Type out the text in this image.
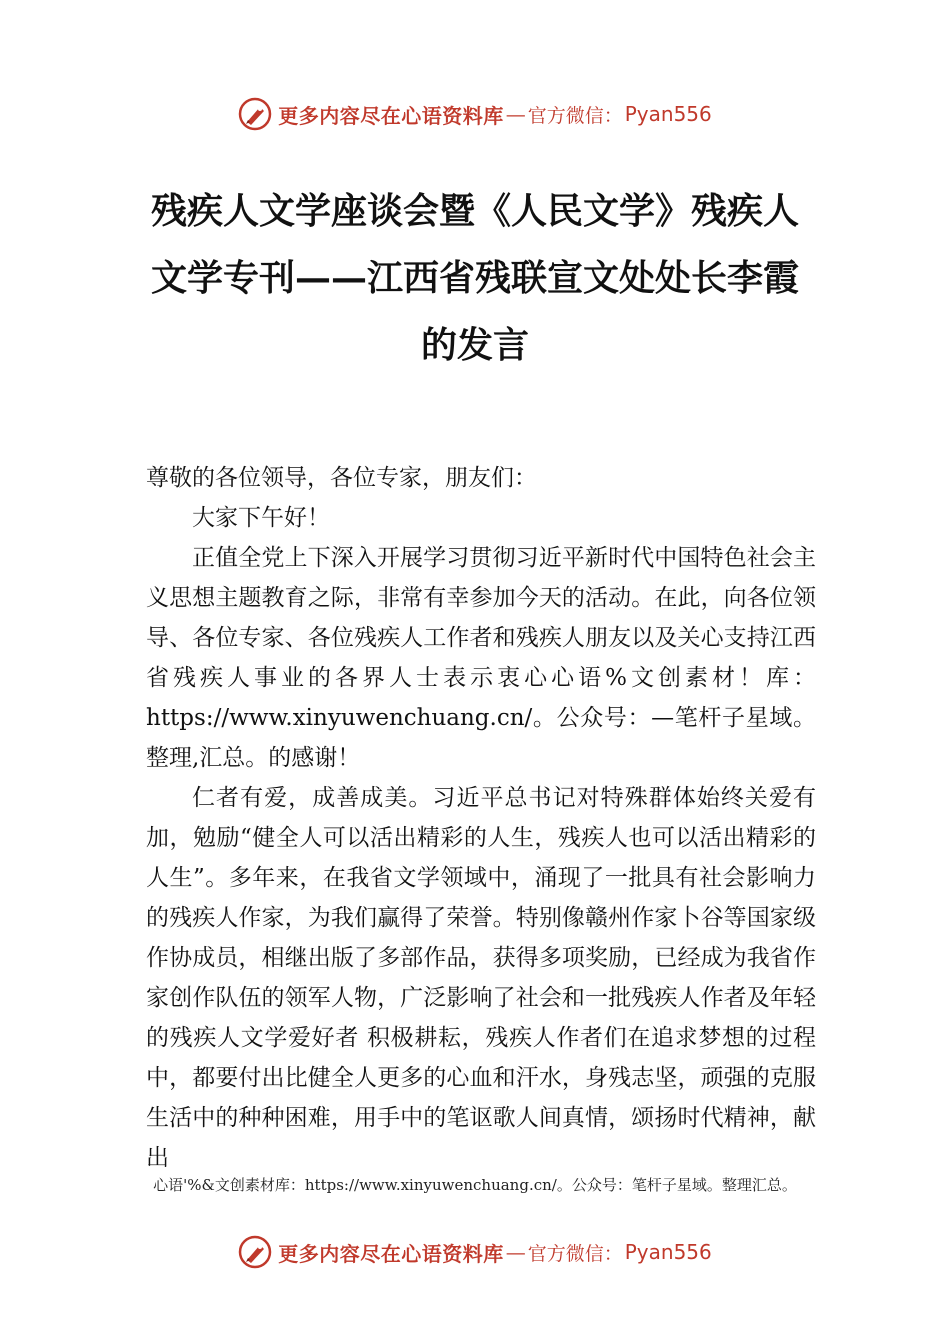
更多内容尽在心语资料库 — 官方微信： Pyan556
残疾人文学座谈会暨《人民文学》残疾人
文学专刊——江西省残联宣文处处长李霞
的发言

尊敬的各位领导，各位专家，朋友们：

大家下午好！

正值全党上下深入开展学习贯彻习近平新时代中国特色社会主义思想主题教育之际，非常有幸参加今天的活动。在此，向各位领导、各位专家、各位残疾人工作者和残疾人朋友以及关心支持江西省残疾人事业的各界人士表示衷心心语%文创素材！库：https://www.xinyuwenchuang.cn/。公众号：—笔杆子星域。整理,汇总。的感谢！

仁者有爱，成善成美。习近平总书记对特殊群体始终关爱有加，勉励“健全人可以活出精彩的人生，残疾人也可以活出精彩的人生”。多年来，在我省文学领域中，涌现了一批具有社会影响力的残疾人作家，为我们赢得了荣誉。特别像赣州作家卜谷等国家级作协成员，相继出版了多部作品，获得多项奖励，已经成为我省作家创作队伍的领军人物，广泛影响了社会和一批残疾人作者及年轻的残疾人文学爱好者 积极耕耘，残疾人作者们在追求梦想的过程中，都要付出比健全人更多的心血和汗水，身残志坚，顽强的克服生活中的种种困难，用手中的笔讴歌人间真情，颂扬时代精神，献出

心语'%&文创素材库：https://www.xinyuwenchuang.cn/。公众号：笔杆子星域。整理汇总。
更多内容尽在心语资料库 — 官方微信： Pyan556
